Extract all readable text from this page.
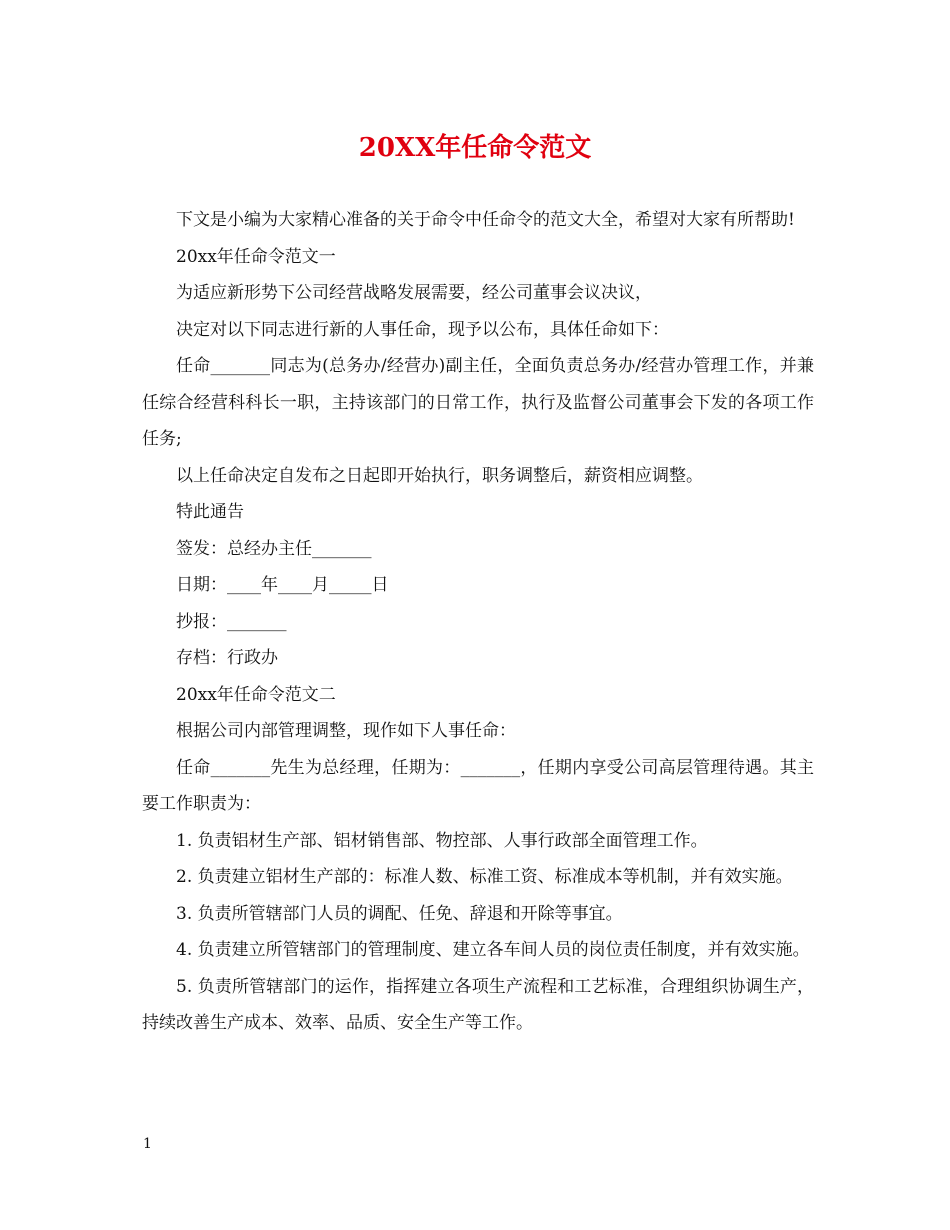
20XX年任命令范文

下文是小编为大家精心准备的关于命令中任命令的范文大全，希望对大家有所帮助!

20xx年任命令范文一

为适应新形势下公司经营战略发展需要，经公司董事会议决议，

决定对以下同志进行新的人事任命，现予以公布，具体任命如下：

任命_______同志为(总务办/经营办)副主任，全面负责总务办/经营办管理工作，并兼任综合经营科科长一职，主持该部门的日常工作，执行及监督公司董事会下发的各项工作任务;

以上任命决定自发布之日起即开始执行，职务调整后，薪资相应调整。

特此通告

签发：总经办主任_______

日期：____年____月_____日

抄报：_______

存档：行政办

20xx年任命令范文二

根据公司内部管理调整，现作如下人事任命：

任命_______先生为总经理，任期为：_______，任期内享受公司高层管理待遇。其主要工作职责为：

1. 负责铝材生产部、铝材销售部、物控部、人事行政部全面管理工作。

2. 负责建立铝材生产部的：标准人数、标准工资、标准成本等机制，并有效实施。

3. 负责所管辖部门人员的调配、任免、辞退和开除等事宜。

4. 负责建立所管辖部门的管理制度、建立各车间人员的岗位责任制度，并有效实施。

5. 负责所管辖部门的运作，指挥建立各项生产流程和工艺标准，合理组织协调生产，持续改善生产成本、效率、品质、安全生产等工作。

1
